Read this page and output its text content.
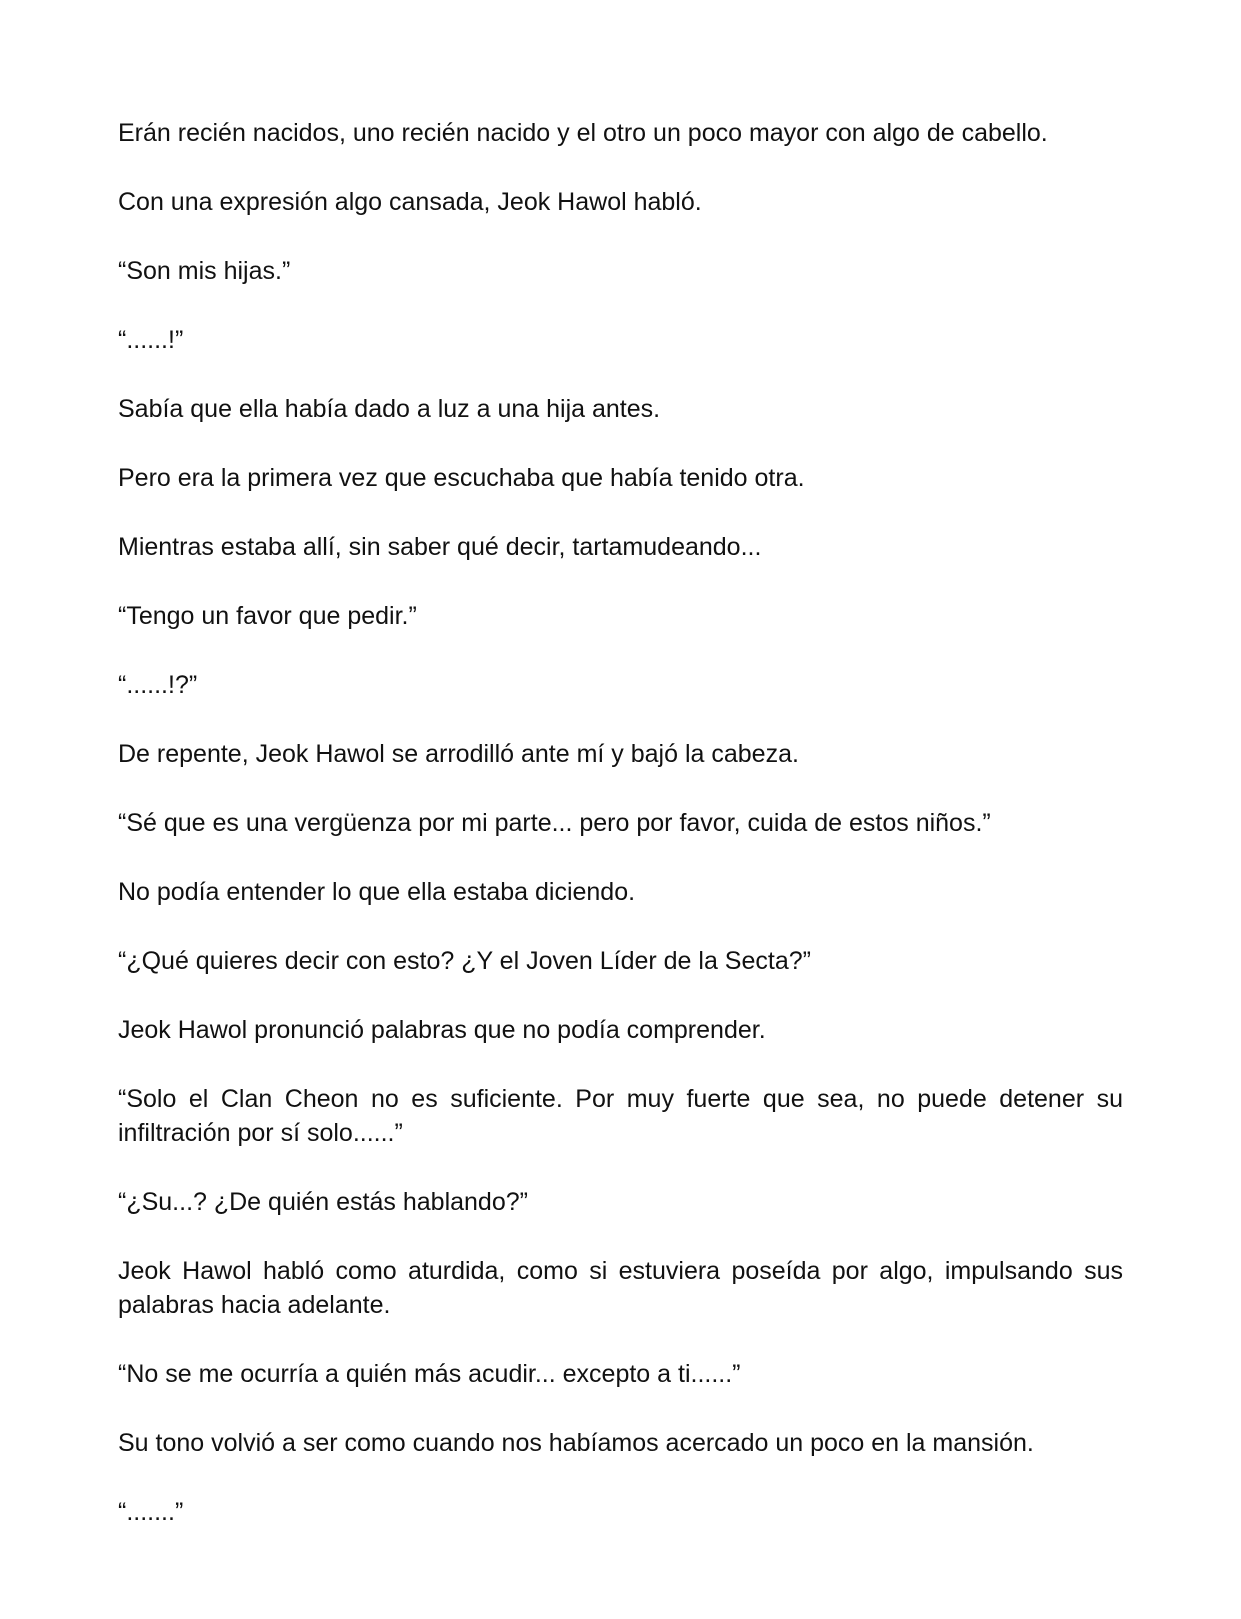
Erán recién nacidos, uno recién nacido y el otro un poco mayor con algo de cabello.

Con una expresión algo cansada, Jeok Hawol habló.

“Son mis hijas.”

“......!”

Sabía que ella había dado a luz a una hija antes.

Pero era la primera vez que escuchaba que había tenido otra.

Mientras estaba allí, sin saber qué decir, tartamudeando...

“Tengo un favor que pedir.”

“......!?”

De repente, Jeok Hawol se arrodilló ante mí y bajó la cabeza.

“Sé que es una vergüenza por mi parte... pero por favor, cuida de estos niños.”

No podía entender lo que ella estaba diciendo.

“¿Qué quieres decir con esto? ¿Y el Joven Líder de la Secta?”

Jeok Hawol pronunció palabras que no podía comprender.

“Solo el Clan Cheon no es suficiente. Por muy fuerte que sea, no puede detener su infiltración por sí solo......”

“¿Su...? ¿De quién estás hablando?”

Jeok Hawol habló como aturdida, como si estuviera poseída por algo, impulsando sus palabras hacia adelante.

“No se me ocurría a quién más acudir... excepto a ti......”

Su tono volvió a ser como cuando nos habíamos acercado un poco en la mansión.

“.......”
